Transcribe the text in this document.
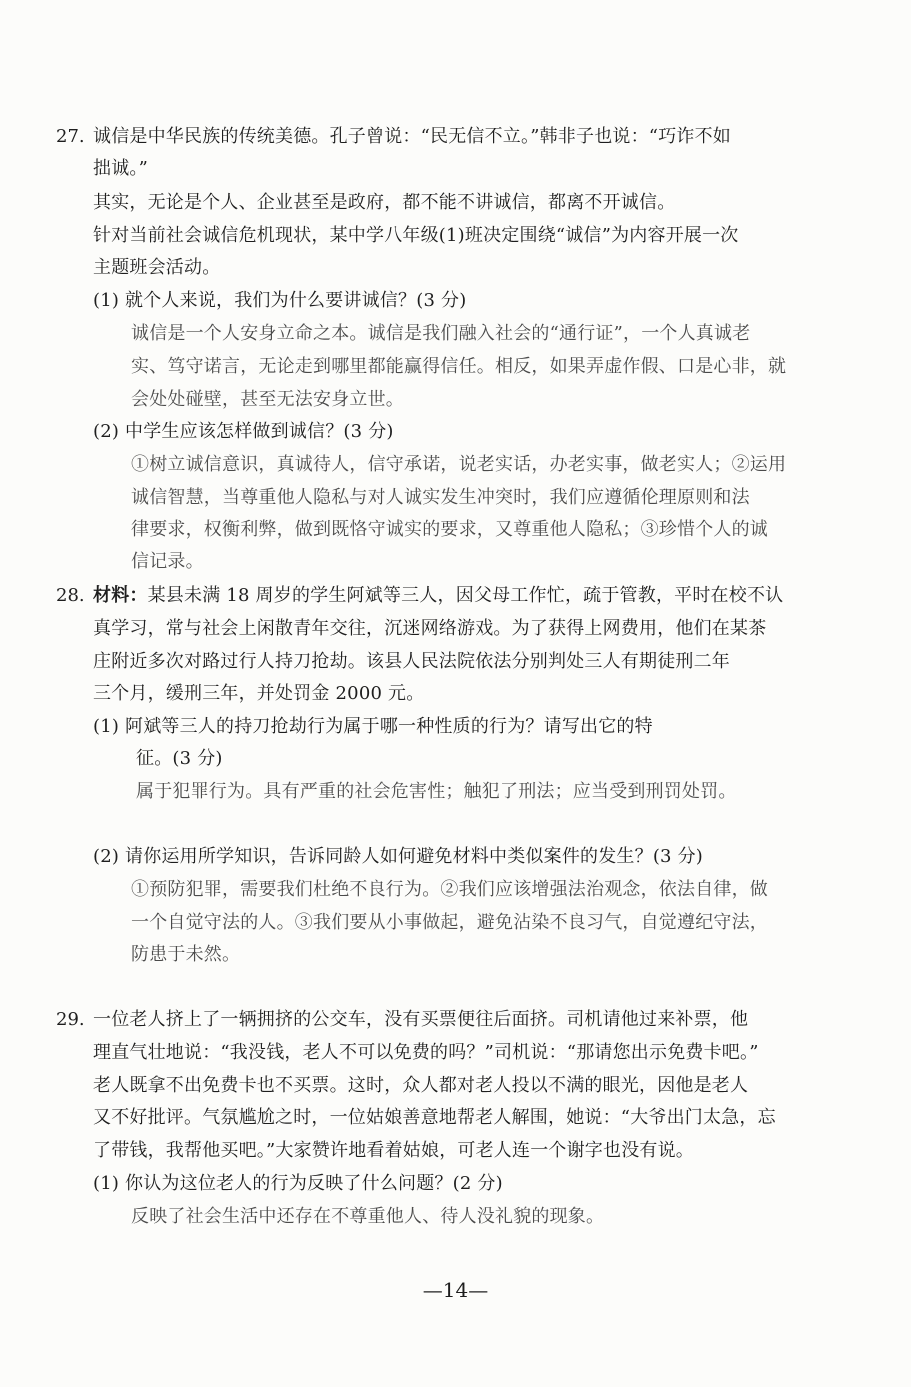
27. 诚信是中华民族的传统美德。孔子曾说：“民无信不立。”韩非子也说：“巧诈不如
拙诚。”
其实，无论是个人、企业甚至是政府，都不能不讲诚信，都离不开诚信。
针对当前社会诚信危机现状，某中学八年级(1)班决定围绕“诚信”为内容开展一次
主题班会活动。
(1) 就个人来说，我们为什么要讲诚信？(3 分)
诚信是一个人安身立命之本。诚信是我们融入社会的“通行证”，一个人真诚老
实、笃守诺言，无论走到哪里都能赢得信任。相反，如果弄虚作假、口是心非，就
会处处碰壁，甚至无法安身立世。
(2) 中学生应该怎样做到诚信？(3 分)
①树立诚信意识，真诚待人，信守承诺，说老实话，办老实事，做老实人；②运用
诚信智慧，当尊重他人隐私与对人诚实发生冲突时，我们应遵循伦理原则和法
律要求，权衡利弊，做到既恪守诚实的要求，又尊重他人隐私；③珍惜个人的诚
信记录。
28. 材料：某县未满 18 周岁的学生阿斌等三人，因父母工作忙，疏于管教，平时在校不认
真学习，常与社会上闲散青年交往，沉迷网络游戏。为了获得上网费用，他们在某茶
庄附近多次对路过行人持刀抢劫。该县人民法院依法分别判处三人有期徒刑二年
三个月，缓刑三年，并处罚金 2000 元。
(1) 阿斌等三人的持刀抢劫行为属于哪一种性质的行为？请写出它的特
征。(3 分)
属于犯罪行为。具有严重的社会危害性；触犯了刑法；应当受到刑罚处罚。
(2) 请你运用所学知识，告诉同龄人如何避免材料中类似案件的发生？(3 分)
①预防犯罪，需要我们杜绝不良行为。②我们应该增强法治观念，依法自律，做
一个自觉守法的人。③我们要从小事做起，避免沾染不良习气，自觉遵纪守法，
防患于未然。
29. 一位老人挤上了一辆拥挤的公交车，没有买票便往后面挤。司机请他过来补票，他
理直气壮地说：“我没钱，老人不可以免费的吗？”司机说：“那请您出示免费卡吧。”
老人既拿不出免费卡也不买票。这时，众人都对老人投以不满的眼光，因他是老人
又不好批评。气氛尴尬之时，一位姑娘善意地帮老人解围，她说：“大爷出门太急，忘
了带钱，我帮他买吧。”大家赞许地看着姑娘，可老人连一个谢字也没有说。
(1) 你认为这位老人的行为反映了什么问题？(2 分)
反映了社会生活中还存在不尊重他人、待人没礼貌的现象。
—14—
